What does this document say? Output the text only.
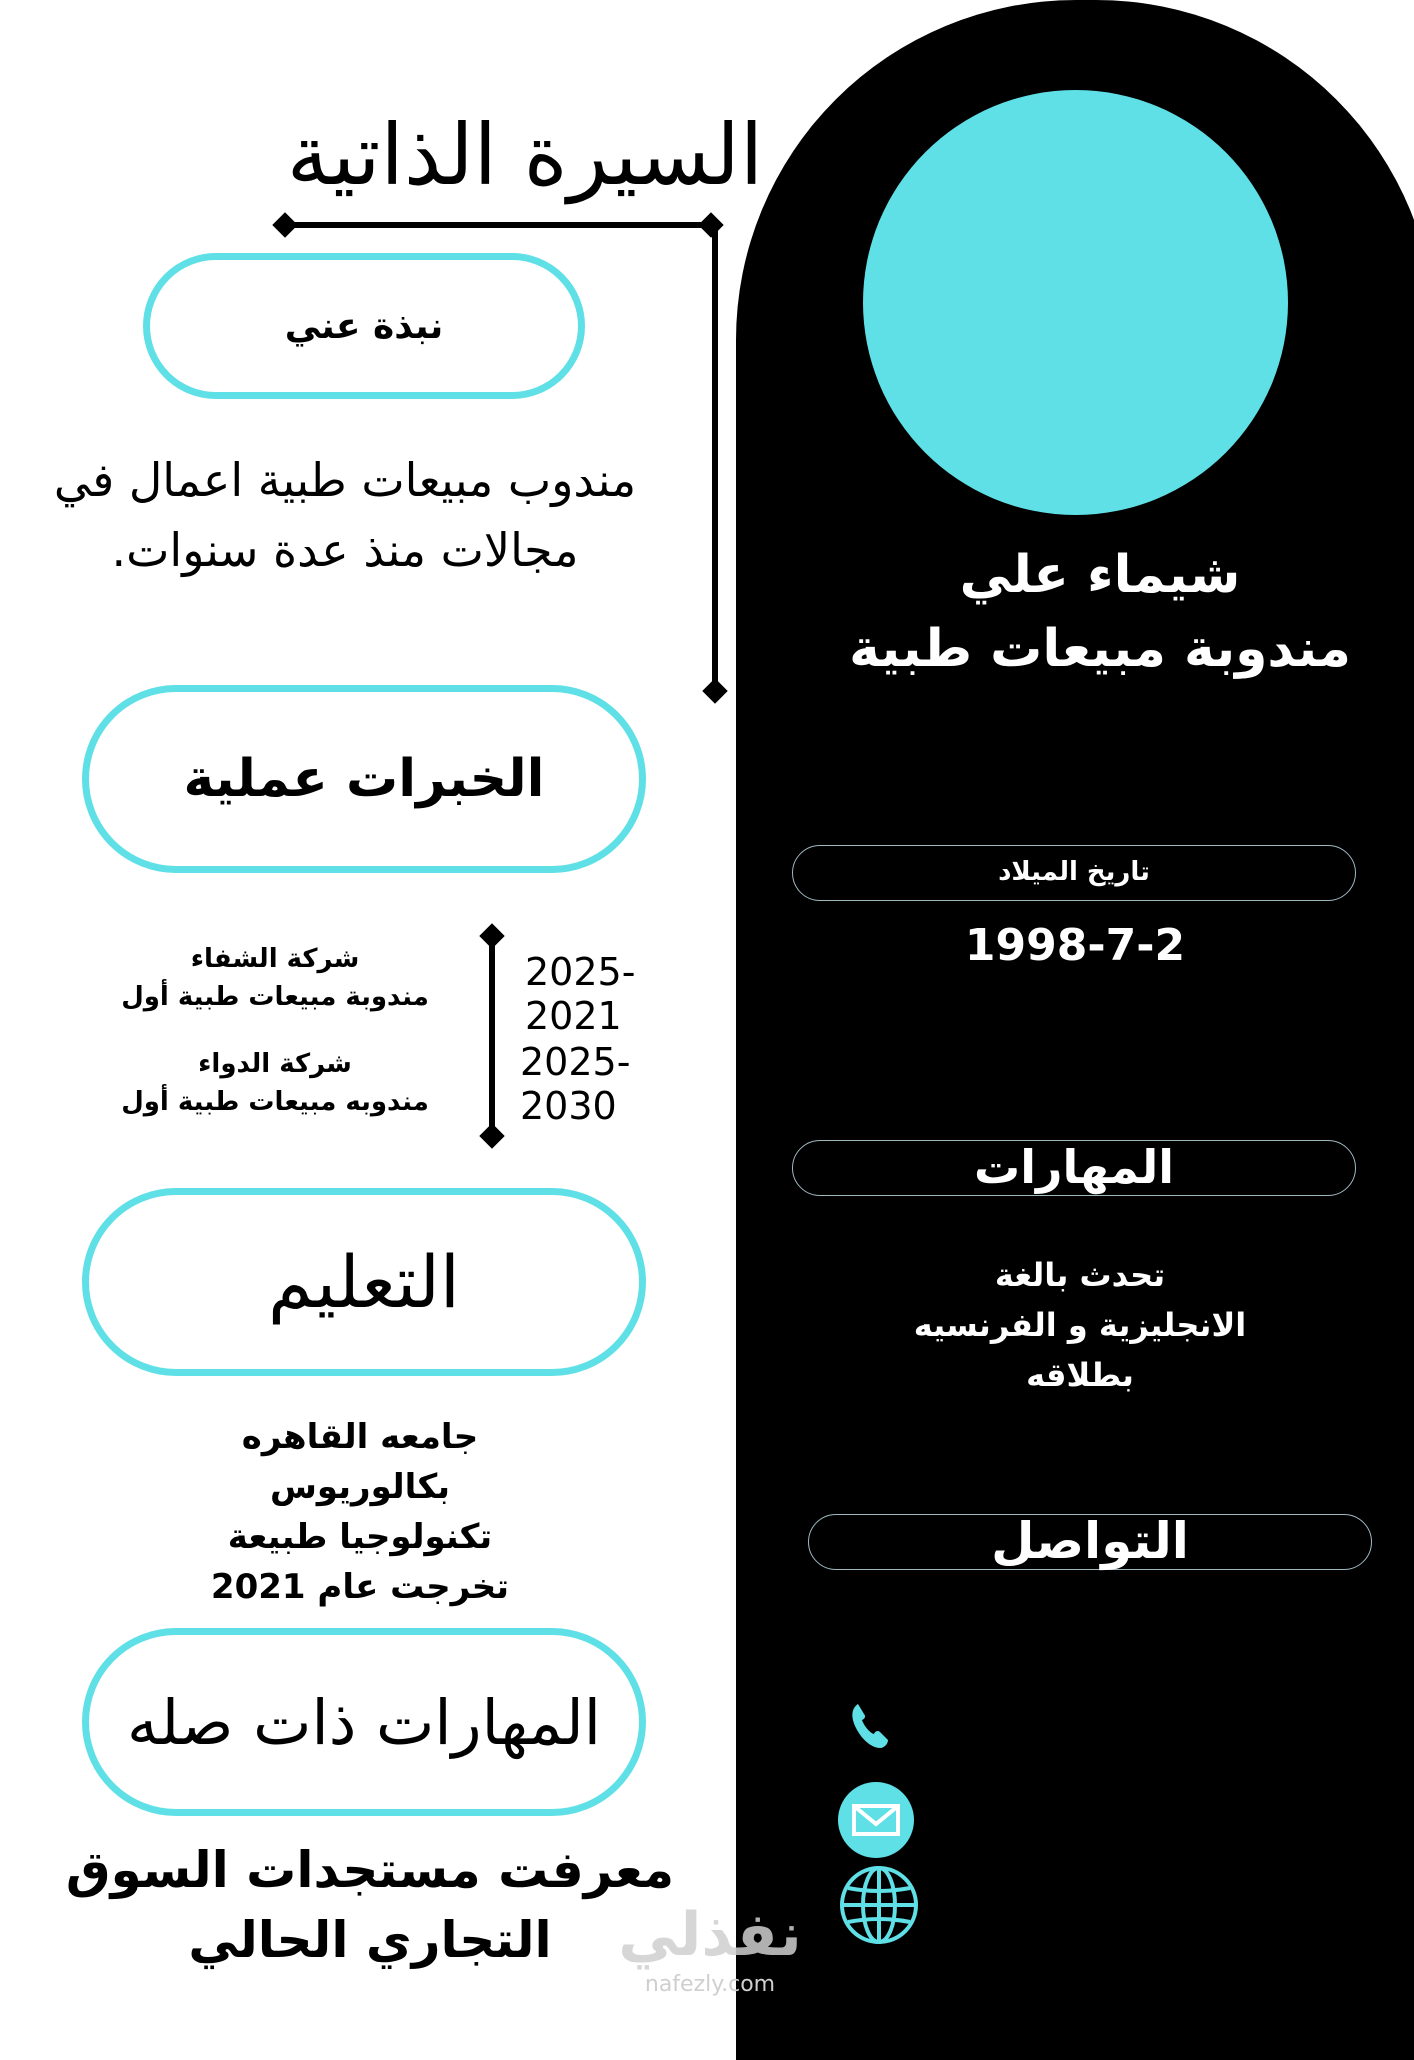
شيماء علي
مندوبة مبيعات طبية
تاريخ الميلاد
1998-7-2
المهارات
تحدث بالغة
الانجليزية و الفرنسيه
بطلاقه
التواصل
نفذلي
nafezly.com
السيرة الذاتية
نبذة عني
مندوب مبيعات طبية اعمال في
مجالات منذ عدة سنوات.
الخبرات عملية
شركة الشفاء
مندوبة مبيعات طبية أول
2025-2021
شركة الدواء
مندوبه مبيعات طبية أول
2025-2030
التعليم
جامعه القاهره
بكالوريوس
تكنولوجيا طبيعة
تخرجت عام 2021
المهارات ذات صله
معرفت مستجدات السوق
التجاري الحالي
